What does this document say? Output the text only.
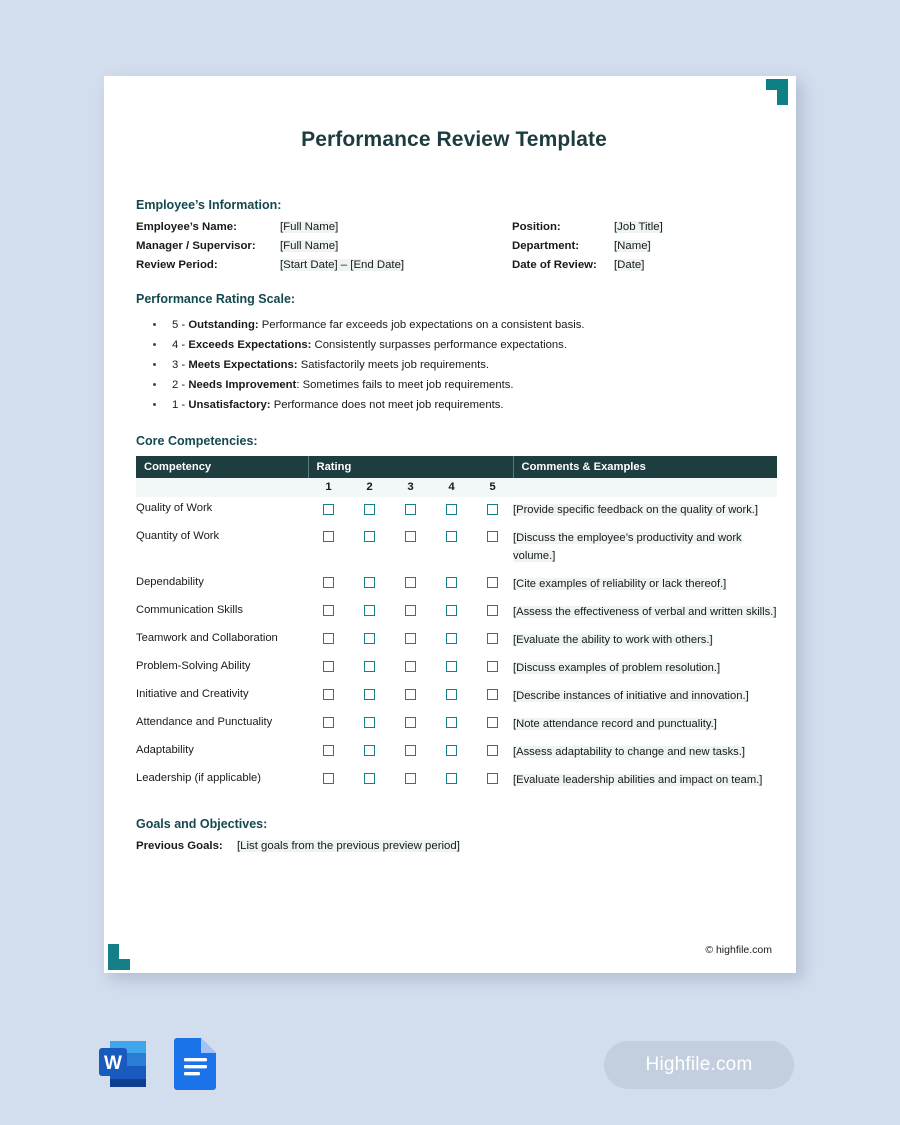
Performance Review Template
Employee’s Information:
Employee’s Name:	[Full Name]	Position:	[Job Title]
Manager / Supervisor:	[Full Name]	Department:	[Name]
Review Period:	[Start Date] – [End Date]	Date of Review:	[Date]
Performance Rating Scale:
• 5 - Outstanding: Performance far exceeds job expectations on a consistent basis.
• 4 - Exceeds Expectations: Consistently surpasses performance expectations.
• 3 - Meets Expectations: Satisfactorily meets job requirements.
• 2 - Needs Improvement: Sometimes fails to meet job requirements.
• 1 - Unsatisfactory: Performance does not meet job requirements.
Core Competencies:
Competency	Rating					Comments & Examples
	1	2	3	4	5	
Quality of Work						[Provide specific feedback on the quality of work.]
Quantity of Work						[Discuss the employee’s productivity and work volume.]
Dependability						[Cite examples of reliability or lack thereof.]
Communication Skills						[Assess the effectiveness of verbal and written skills.]
Teamwork and Collaboration						[Evaluate the ability to work with others.]
Problem-Solving Ability						[Discuss examples of problem resolution.]
Initiative and Creativity						[Describe instances of initiative and innovation.]
Attendance and Punctuality						[Note attendance record and punctuality.]
Adaptability						[Assess adaptability to change and new tasks.]
Leadership (if applicable)						[Evaluate leadership abilities and impact on team.]
Goals and Objectives:
Previous Goals:	[List goals from the previous preview period]
© highfile.com
W	Highfile.com
